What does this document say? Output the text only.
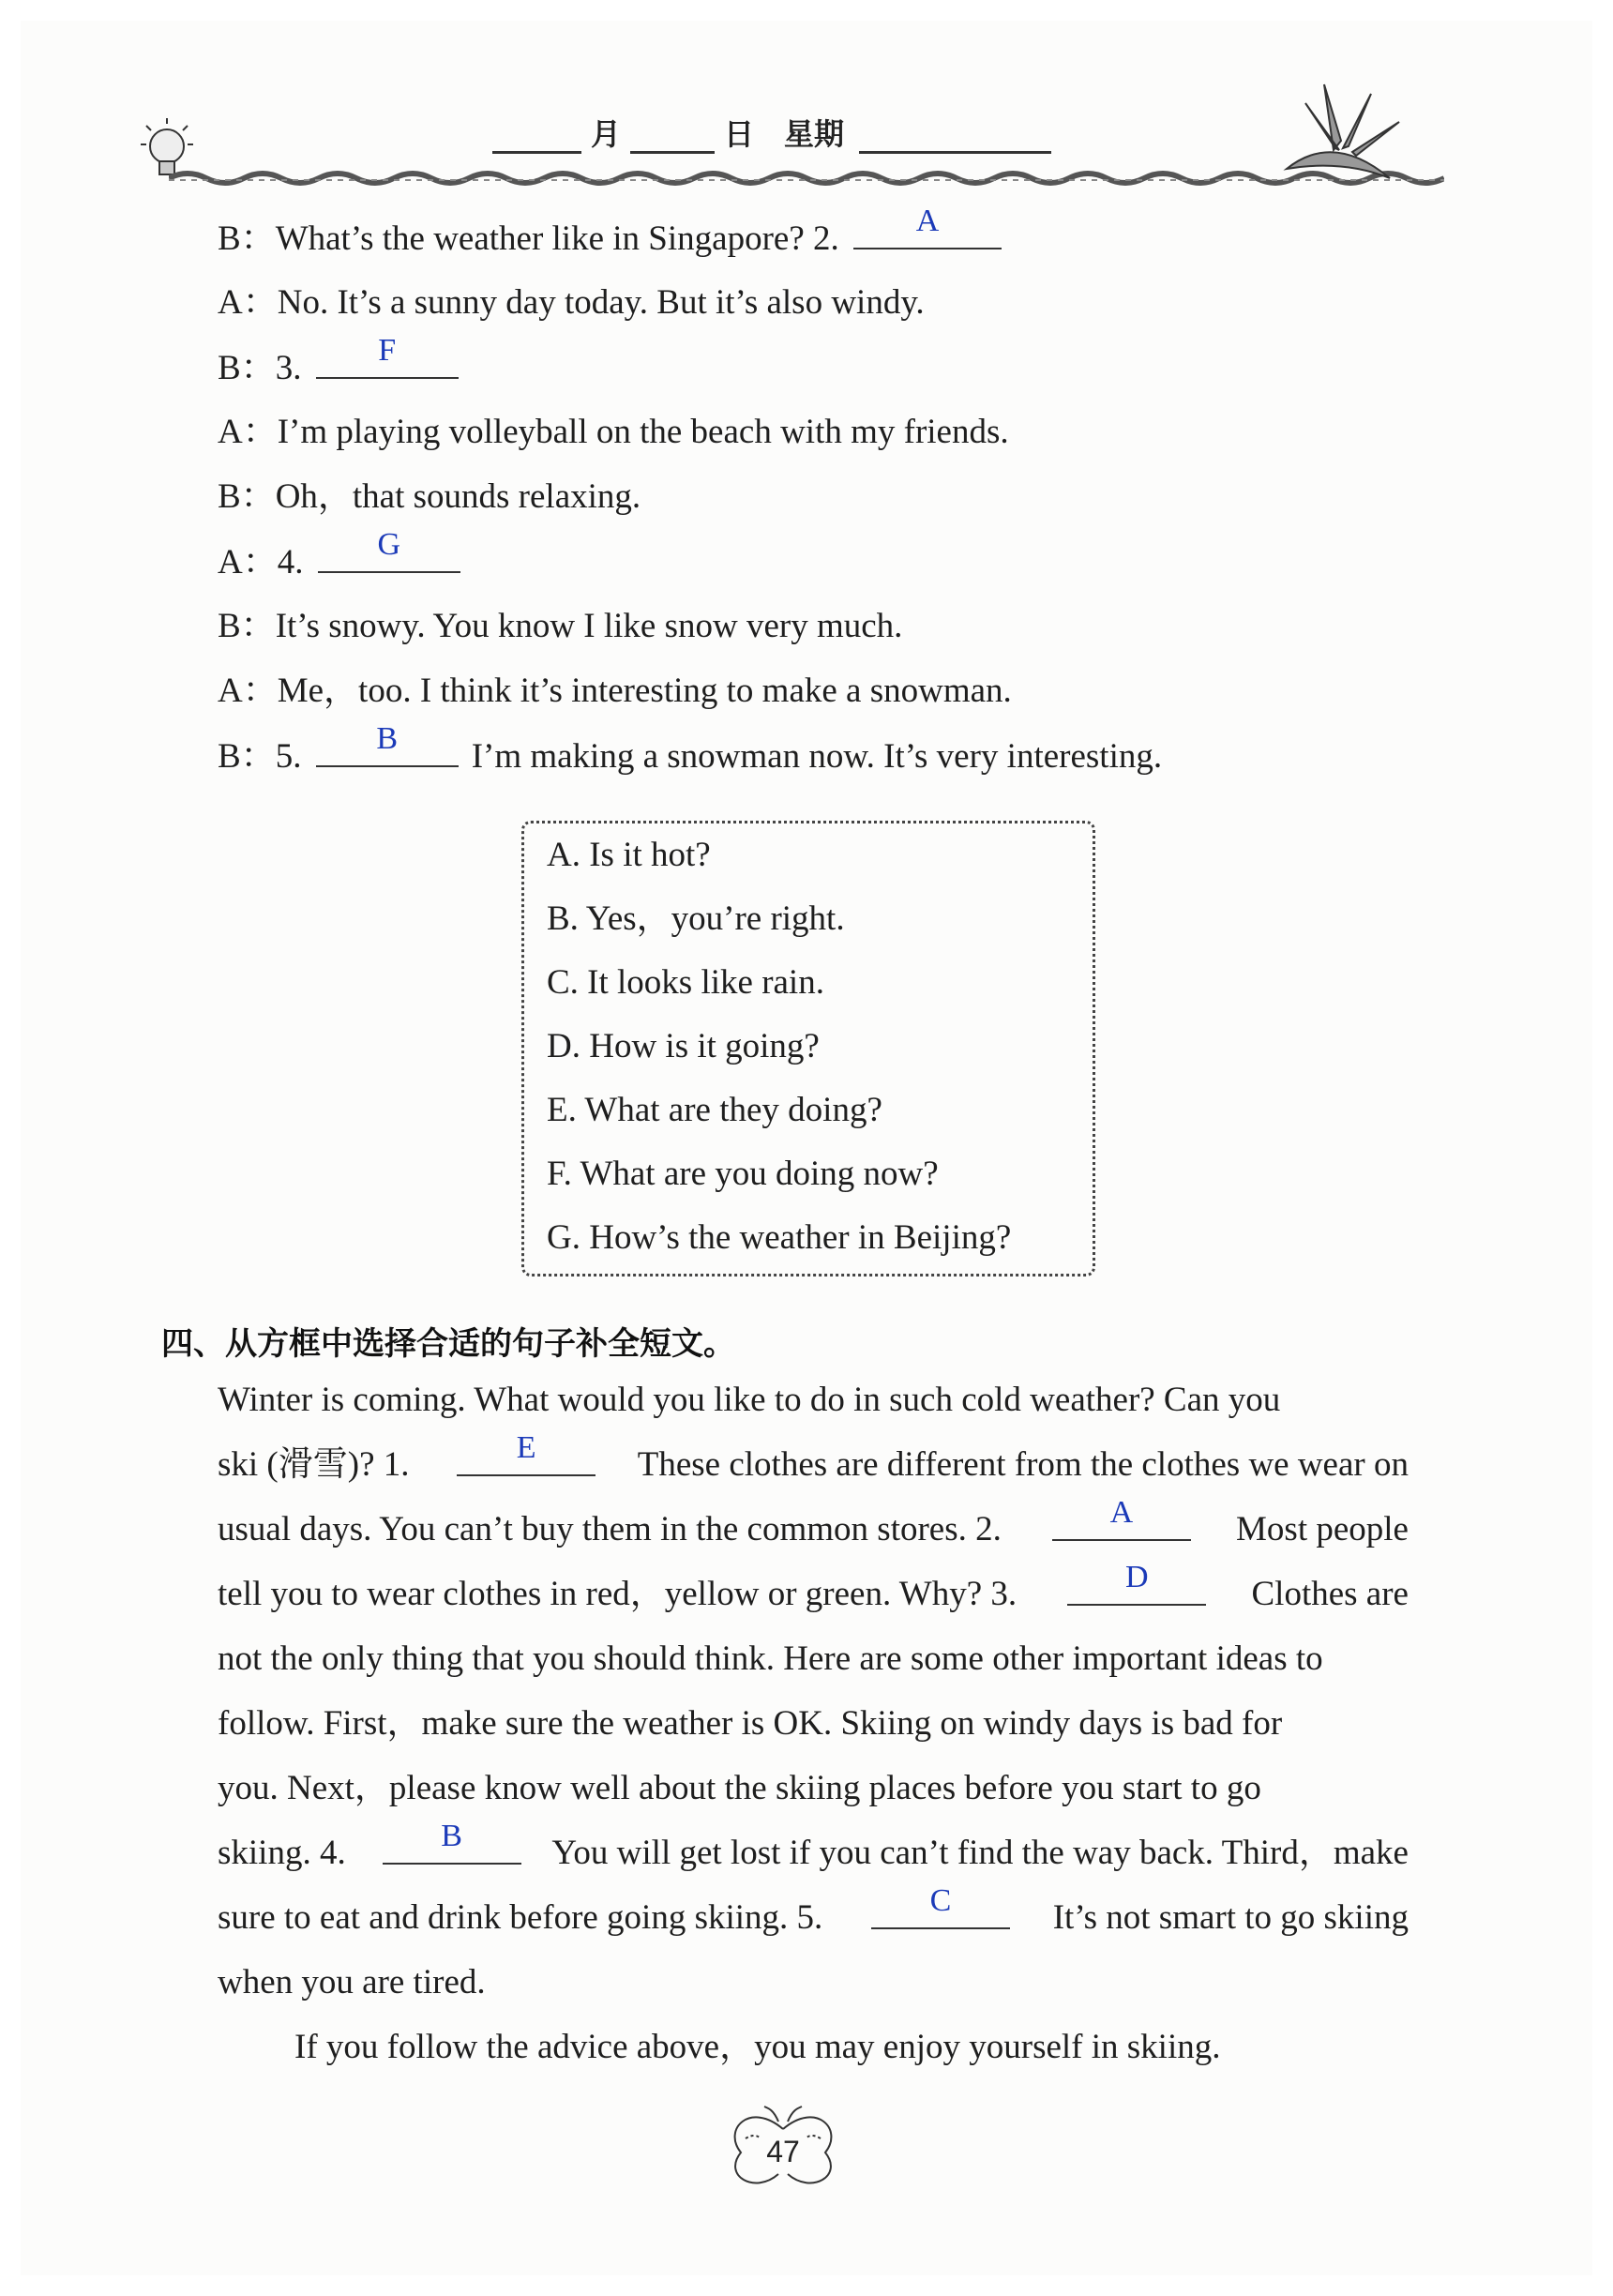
月	日 星期
B：What’s the weather like in Singapore? 2.	A
A：No. It’s a sunny day today. But it’s also windy.
B：3.	F
A：I’m playing volleyball on the beach with my friends.
B：Oh，that sounds relaxing.
A：4.	G
B：It’s snowy. You know I like snow very much.
A：Me，too. I think it’s interesting to make a snowman.
B：5.	B	I’m making a snowman now. It’s very interesting.
A. Is it hot?
B. Yes，you’re right.
C. It looks like rain.
D. How is it going?
E. What are they doing?
F. What are you doing now?
G. How’s the weather in Beijing?
四、从方框中选择合适的句子补全短文。
Winter is coming. What would you like to do in such cold weather? Can you
ski (滑雪)? 1.	E	These clothes are different from the clothes we wear on
usual days. You can’t buy them in the common stores. 2.	A	Most people
tell you to wear clothes in red，yellow or green. Why? 3.	D	Clothes are
not the only thing that you should think. Here are some other important ideas to
follow. First，make sure the weather is OK. Skiing on windy days is bad for
you. Next，please know well about the skiing places before you start to go
skiing. 4.	B	You will get lost if you can’t find the way back. Third，make
sure to eat and drink before going skiing. 5.	C	It’s not smart to go skiing
when you are tired.
If you follow the advice above，you may enjoy yourself in skiing.
47
